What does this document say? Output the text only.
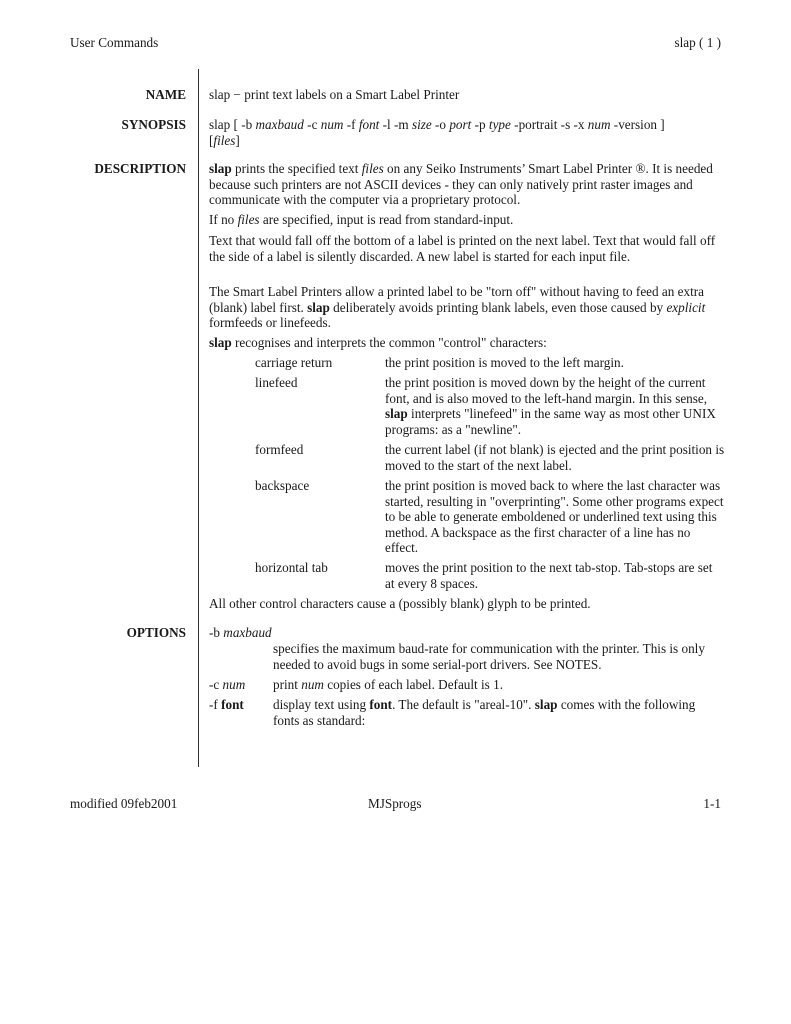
User Commands	slap ( 1 )
NAME slap − print text labels on a Smart Label Printer
SYNOPSIS slap [ -b maxbaud -c num -f font -l -m size -o port -p type -portrait -s -x num -version ]
[files]
DESCRIPTION slap prints the specified text files on any Seiko Instruments’ Smart Label Printer ®. It is needed because such printers are not ASCII devices - they can only natively print raster images and communicate with the computer via a proprietary protocol.
If no files are specified, input is read from standard-input.
Text that would fall off the bottom of a label is printed on the next label. Text that would fall off the side of a label is silently discarded. A new label is started for each input file.
The Smart Label Printers allow a printed label to be "torn off" without having to feed an extra (blank) label first. slap deliberately avoids printing blank labels, even those caused by explicit formfeeds or linefeeds.
slap recognises and interprets the common "control" characters:
carriage return	the print position is moved to the left margin.
linefeed	the print position is moved down by the height of the current font, and is also moved to the left-hand margin. In this sense, slap interprets "linefeed" in the same way as most other UNIX programs: as a "newline".
formfeed	the current label (if not blank) is ejected and the print position is moved to the start of the next label.
backspace	the print position is moved back to where the last character was started, resulting in "overprinting". Some other programs expect to be able to generate emboldened or underlined text using this method. A backspace as the first character of a line has no effect.
horizontal tab	moves the print position to the next tab-stop. Tab-stops are set at every 8 spaces.
All other control characters cause a (possibly blank) glyph to be printed.
OPTIONS -b maxbaud
specifies the maximum baud-rate for communication with the printer. This is only needed to avoid bugs in some serial-port drivers. See NOTES.
-c num print num copies of each label. Default is 1.
-f font display text using font. The default is "areal-10". slap comes with the following fonts as standard:
modified 09feb2001	MJSprogs	1-1
